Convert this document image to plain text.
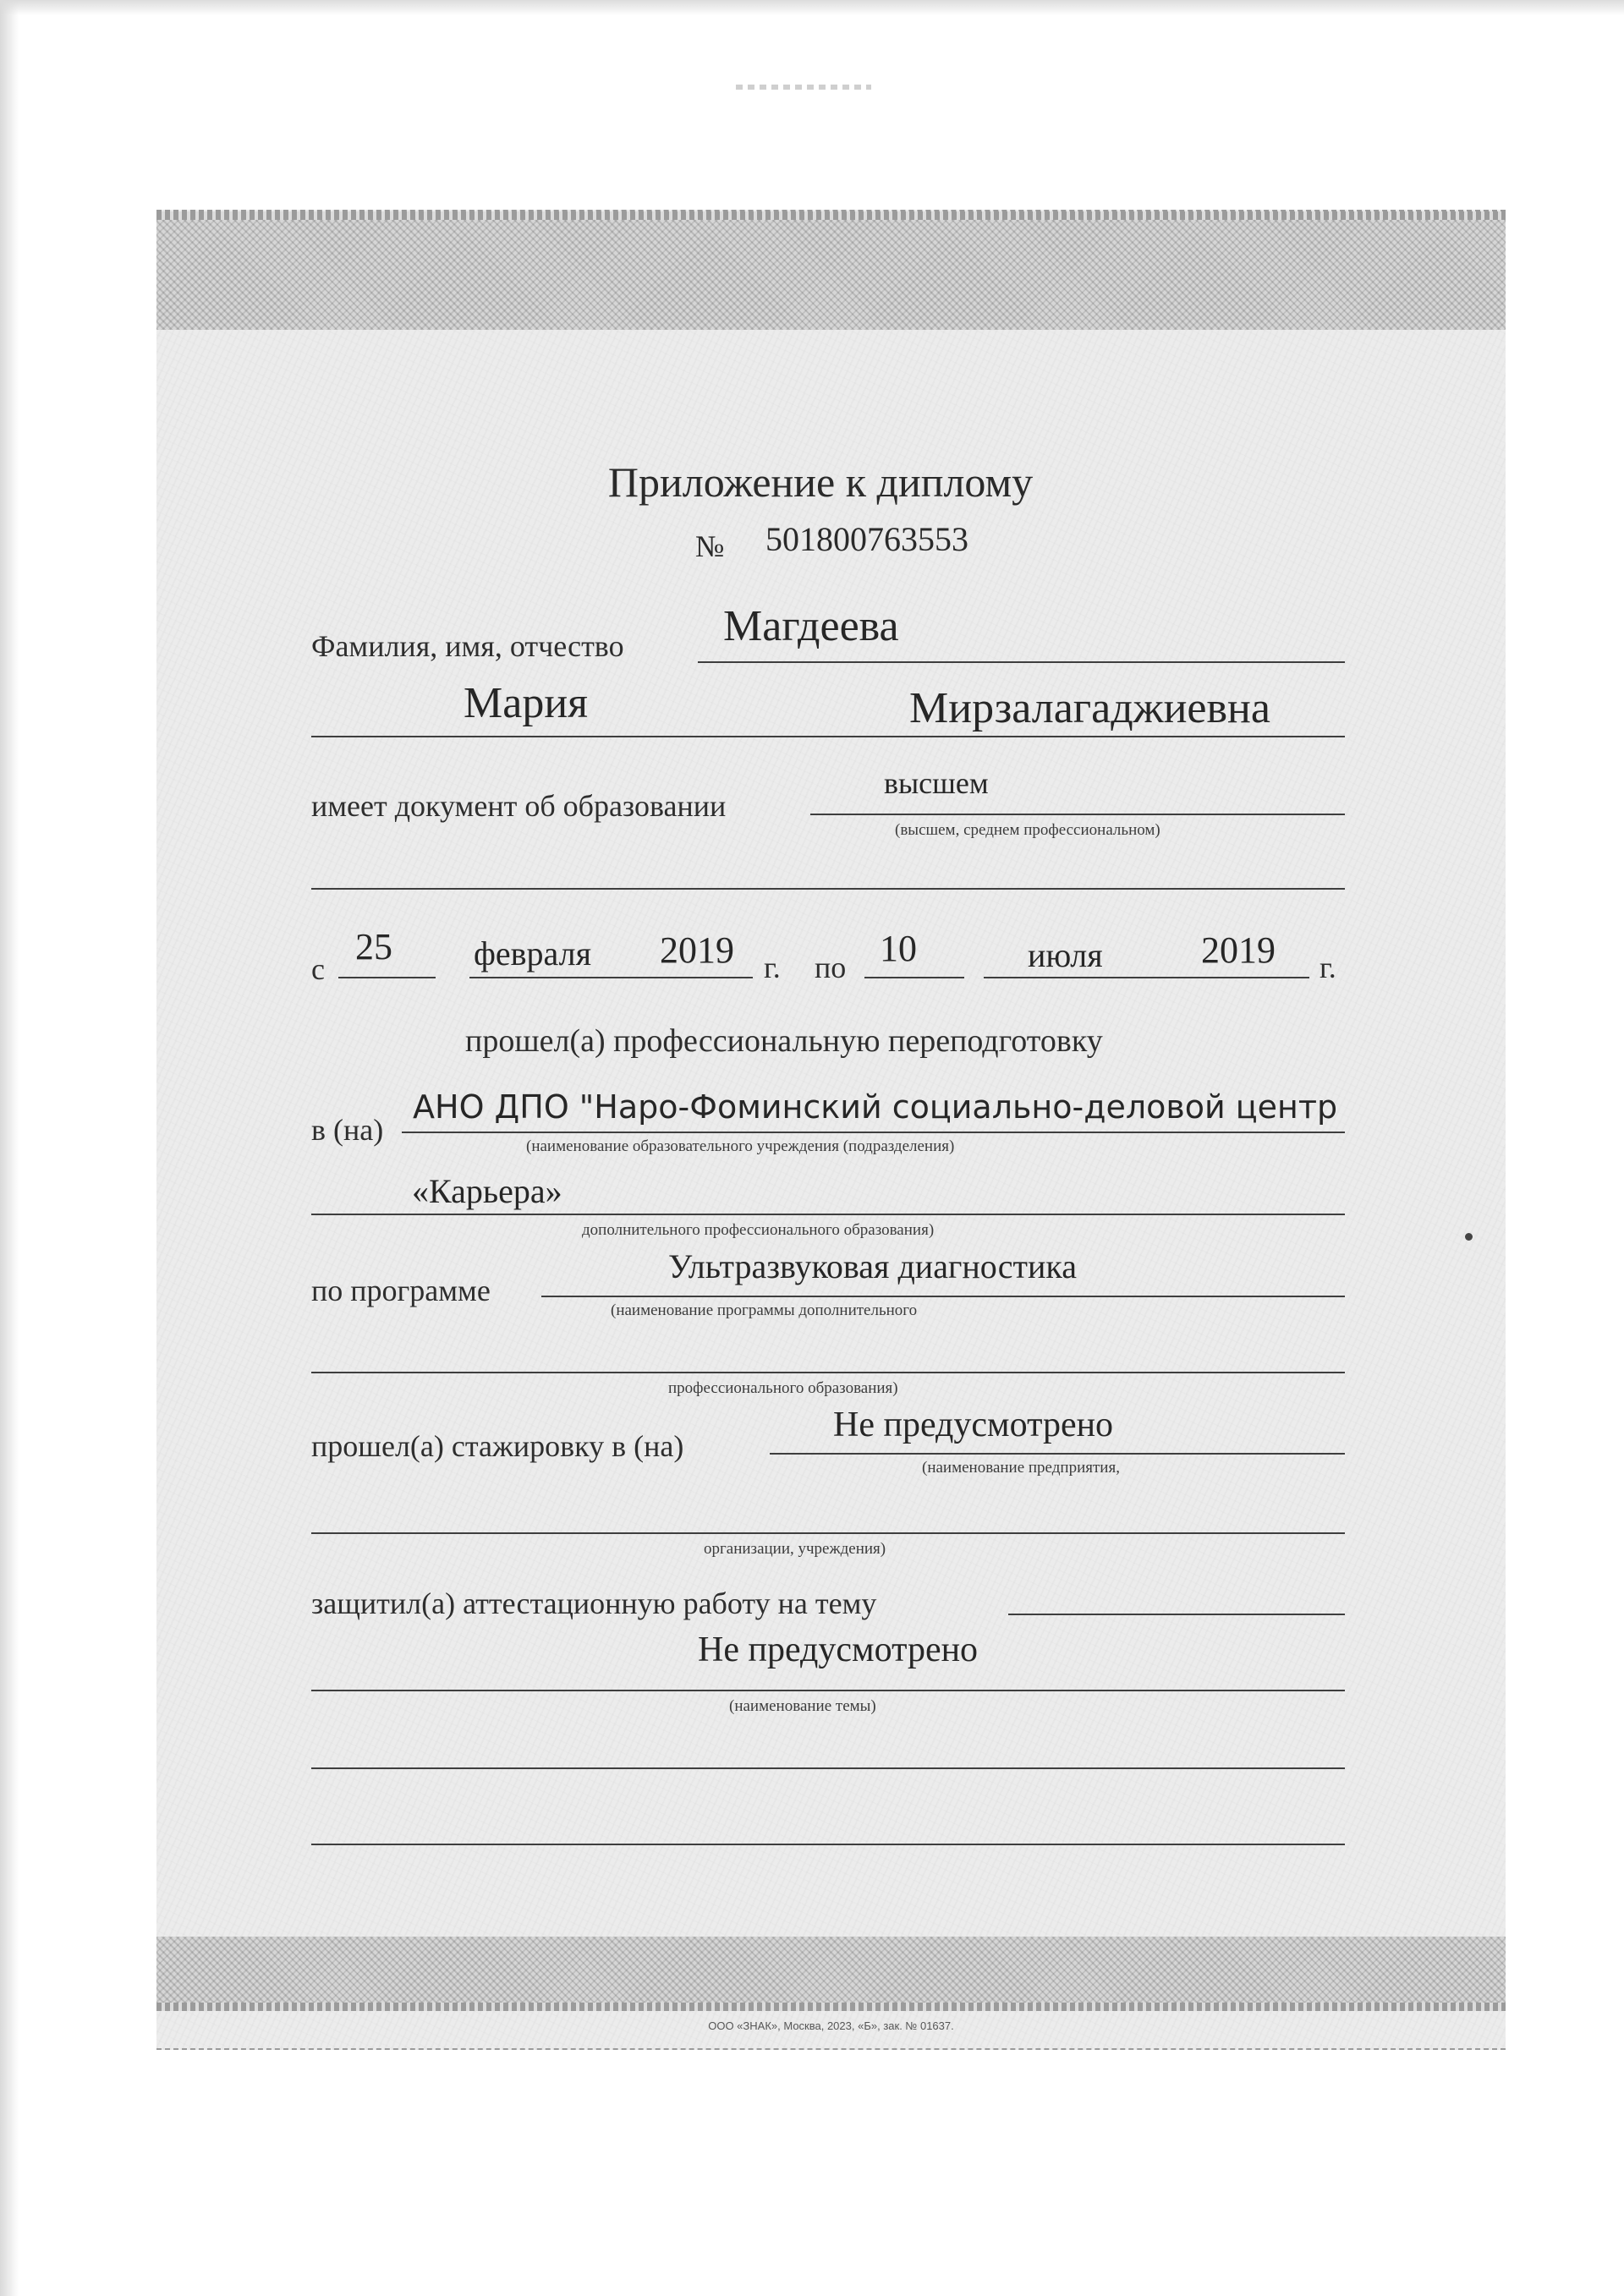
ООО «ЗНАК», Москва, 2023, «Б», зак. № 01637.
Приложение к диплому
№ 501800763553
Фамилия, имя, отчество Магдеева
Мария	Мирзалагаджиевна
имеет документ об образовании
высшем
(высшем, среднем профессиональном)
с
25 февраля 2019 г. по 10	июля	2019 г.
прошел(а) профессиональную переподготовку
в (на)
АНО ДПО "Наро-Фоминский социально-деловой центр
(наименование образовательного учреждения (подразделения)
«Карьера»
дополнительного профессионального образования)
по программе
Ультразвуковая диагностика
(наименование программы дополнительного
профессионального образования)
прошел(а) стажировку в (на)
Не предусмотрено
(наименование предприятия,
организации, учреждения)
защитил(а) аттестационную работу на тему
Не предусмотрено
(наименование темы)
